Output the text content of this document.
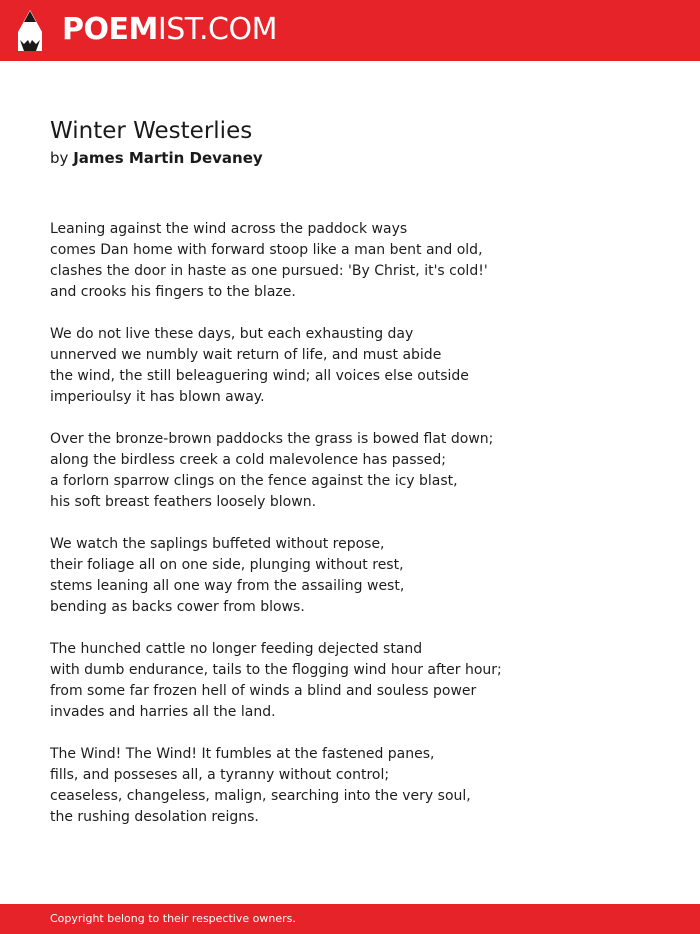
POEMIST.COM
Winter Westerlies
by James Martin Devaney
Leaning against the wind across the paddock ways
comes Dan home with forward stoop like a man bent and old,
clashes the door in haste as one pursued: 'By Christ, it's cold!'
and crooks his fingers to the blaze.
We do not live these days, but each exhausting day
unnerved we numbly wait return of life, and must abide
the wind, the still beleaguering wind; all voices else outside
imperioulsy it has blown away.
Over the bronze-brown paddocks the grass is bowed flat down;
along the birdless creek a cold malevolence has passed;
a forlorn sparrow clings on the fence against the icy blast,
his soft breast feathers loosely blown.
We watch the saplings buffeted without repose,
their foliage all on one side, plunging without rest,
stems leaning all one way from the assailing west,
bending as backs cower from blows.
The hunched cattle no longer feeding dejected stand
with dumb endurance, tails to the flogging wind hour after hour;
from some far frozen hell of winds a blind and souless power
invades and harries all the land.
The Wind! The Wind! It fumbles at the fastened panes,
fills, and posseses all, a tyranny without control;
ceaseless, changeless, malign, searching into the very soul,
the rushing desolation reigns.
Copyright belong to their respective owners.
